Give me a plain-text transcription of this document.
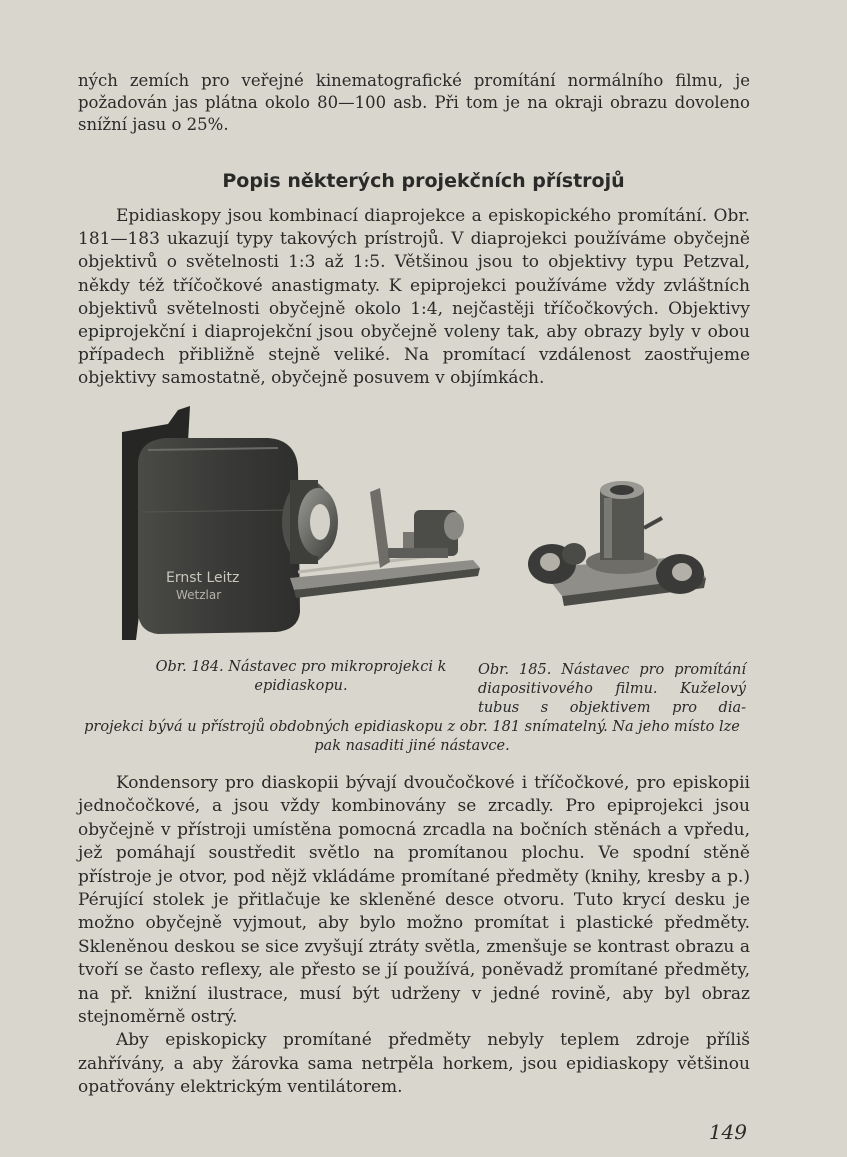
ných zemích pro veřejné kinematografické promítání normálního filmu, je požadován jas plátna okolo 80—100 asb. Při tom je na okraji obrazu dovoleno snížní jasu o 25%.

Popis některých projekčních přístrojů

Epidiaskopy jsou kombinací diaprojekce a episkopického promítání. Obr. 181—183 ukazují typy takových prístrojů. V diaprojekci používáme obyčejně objektivů o světelnosti 1:3 až 1:5. Většinou jsou to objektivy typu Petzval, někdy též tříčočkové anastigmaty. K epiprojekci používáme vždy zvláštních objektivů světelnosti obyčejně okolo 1:4, nejčastěji tříčočkových. Objektivy epiprojekční i diaprojekční jsou obyčejně voleny tak, aby obrazy byly v obou případech přibližně stejně veliké. Na promítací vzdálenost zaostřujeme objektivy samostatně, obyčejně posuvem v objímkách.

Ernst Leitz
Wetzlar
Obr. 184. Nástavec pro mikroprojekci k epidiaskopu.
Obr. 185. Nástavec pro promítání diapositivového filmu. Kuželový tubus s objektivem pro dia-
projekci bývá u přístrojů obdobných epidiaskopu z obr. 181 snímatelný. Na jeho místo lze pak nasaditi jiné nástavce.

Kondensory pro diaskopii bývají dvoučočkové i tříčočkové, pro episkopii jednočočkové, a jsou vždy kombinovány se zrcadly. Pro epiprojekci jsou obyčejně v přístroji umístěna pomocná zrcadla na bočních stěnách a vpředu, jež pomáhají soustředit světlo na promítanou plochu. Ve spodní stěně přístroje je otvor, pod nějž vkládáme promítané předměty (knihy, kresby a p.) Pérující stolek je přitlačuje ke skleněné desce otvoru. Tuto krycí desku je možno obyčejně vyjmout, aby bylo možno promítat i plastické předměty. Skleněnou deskou se sice zvyšují ztráty světla, zmenšuje se kontrast obrazu a tvoří se často reflexy, ale přesto se jí používá, poněvadž promítané předměty, na př. knižní ilustrace, musí být udrženy v jedné rovině, aby byl obraz stejnoměrně ostrý.

Aby episkopicky promítané předměty nebyly teplem zdroje příliš zahřívány, a aby žárovka sama netrpěla horkem, jsou epidiaskopy většinou opatřovány elektrickým ventilátorem.

149
